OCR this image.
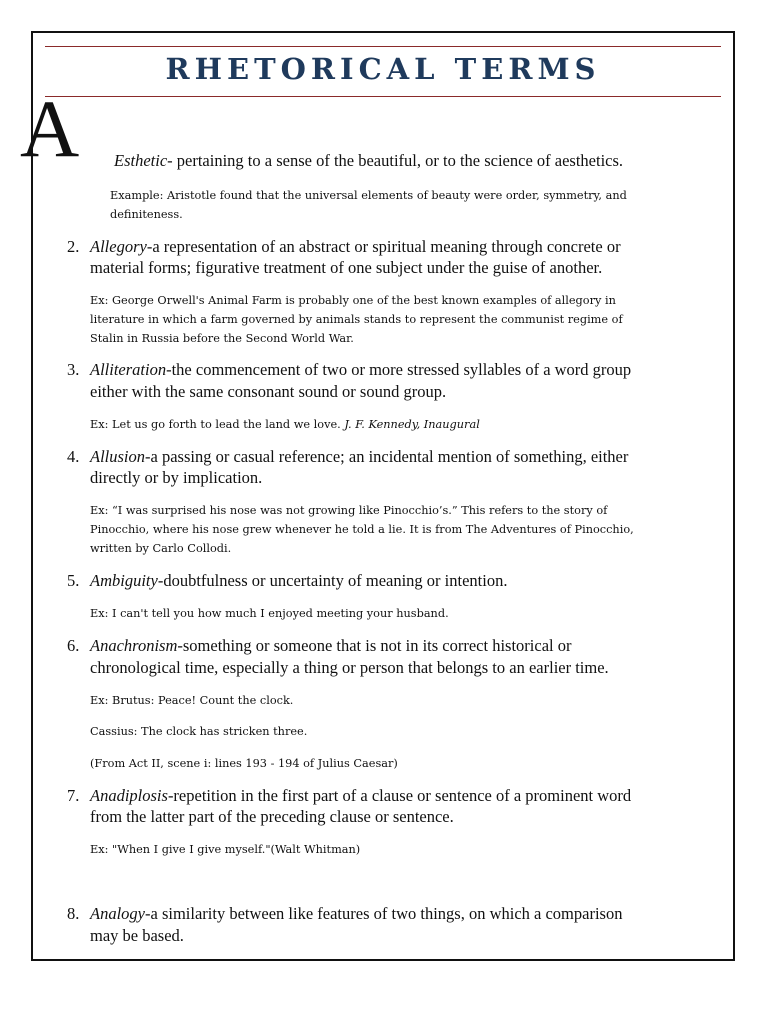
RHETORICAL TERMS
A Esthetic- pertaining to a sense of the beautiful, or to the science of aesthetics.
Example: Aristotle found that the universal elements of beauty were order, symmetry, and
definiteness.
2. Allegory-a representation of an abstract or spiritual meaning through concrete or
material forms; figurative treatment of one subject under the guise of another.
Ex: George Orwell's Animal Farm is probably one of the best known examples of allegory in
literature in which a farm governed by animals stands to represent the communist regime of
Stalin in Russia before the Second World War.
3. Alliteration-the commencement of two or more stressed syllables of a word group
either with the same consonant sound or sound group.
Ex: Let us go forth to lead the land we love. J. F. Kennedy, Inaugural
4. Allusion-a passing or casual reference; an incidental mention of something, either
directly or by implication.
Ex: “I was surprised his nose was not growing like Pinocchio’s.” This refers to the story of
Pinocchio, where his nose grew whenever he told a lie. It is from The Adventures of Pinocchio,
written by Carlo Collodi.
5. Ambiguity-doubtfulness or uncertainty of meaning or intention.
Ex: I can't tell you how much I enjoyed meeting your husband.
6. Anachronism-something or someone that is not in its correct historical or
chronological time, especially a thing or person that belongs to an earlier time.
Ex: Brutus: Peace! Count the clock.
Cassius: The clock has stricken three.
(From Act II, scene i: lines 193 - 194 of Julius Caesar)
7. Anadiplosis-repetition in the first part of a clause or sentence of a prominent word
from the latter part of the preceding clause or sentence.
Ex: "When I give I give myself."(Walt Whitman)
8. Analogy-a similarity between like features of two things, on which a comparison
may be based.
